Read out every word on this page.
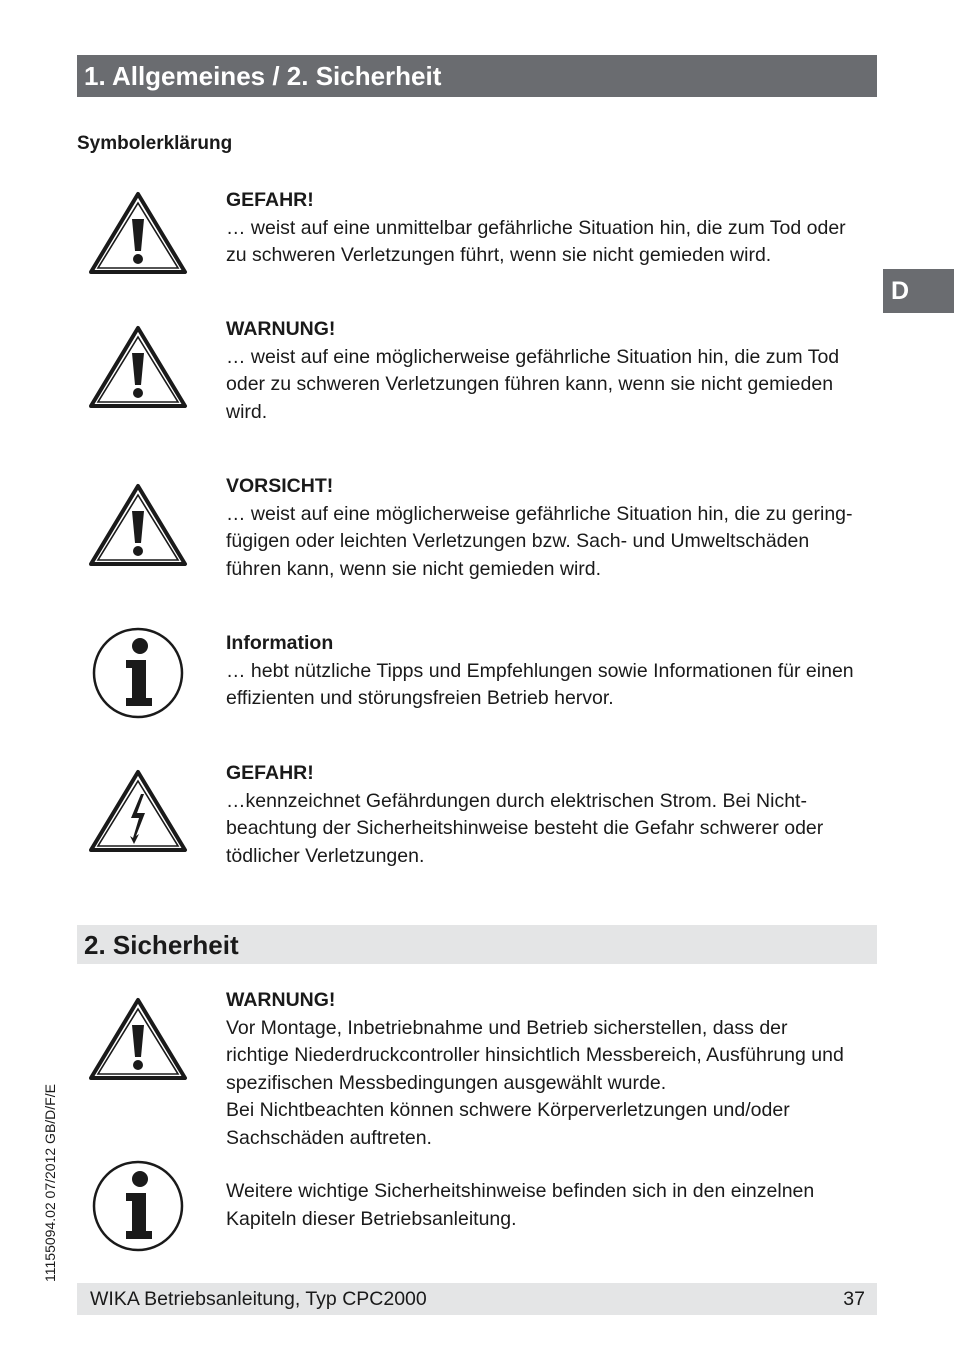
1. Allgemeines / 2. Sicherheit
D
Symbolerklärung
GEFAHR!
… weist auf eine unmittelbar gefährliche Situation hin, die zum Tod oder
zu schweren Verletzungen führt, wenn sie nicht gemieden wird.
WARNUNG!
… weist auf eine möglicherweise gefährliche Situation hin, die zum Tod
oder zu schweren Verletzungen führen kann, wenn sie nicht gemieden
wird.
VORSICHT!
… weist auf eine möglicherweise gefährliche Situation hin, die zu gering-
fügigen oder leichten Verletzungen bzw. Sach- und Umweltschäden
führen kann, wenn sie nicht gemieden wird.
Information
… hebt nützliche Tipps und Empfehlungen sowie Informationen für einen
effizienten und störungsfreien Betrieb hervor.
GEFAHR!
…kennzeichnet Gefährdungen durch elektrischen Strom. Bei Nicht-
beachtung der Sicherheitshinweise besteht die Gefahr schwerer oder
tödlicher Verletzungen.
2. Sicherheit
WARNUNG!
Vor Montage, Inbetriebnahme und Betrieb sicherstellen, dass der
richtige Niederdruckcontroller hinsichtlich Messbereich, Ausführung und
spezifischen Messbedingungen ausgewählt wurde.
Bei Nichtbeachten können schwere Körperverletzungen und/oder
Sachschäden auftreten.
Weitere wichtige Sicherheitshinweise befinden sich in den einzelnen
Kapiteln dieser Betriebsanleitung.
11155094.02 07/2012 GB/D/F/E
WIKA Betriebsanleitung, Typ CPC2000	37
